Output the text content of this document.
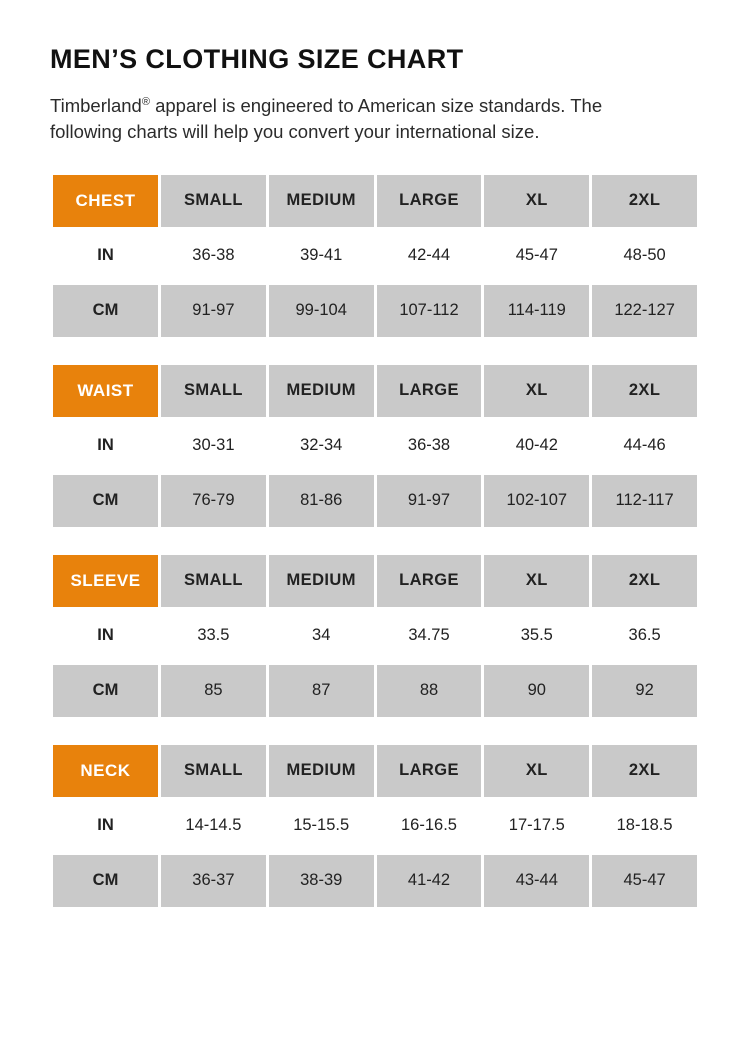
MEN’S CLOTHING SIZE CHART

Timberland® apparel is engineered to American size standards. The following charts will help you convert your international size.

CHEST	SMALL	MEDIUM	LARGE	XL	2XL
IN	36-38	39-41	42-44	45-47	48-50
CM	91-97	99-104	107-112	114-119	122-127
WAIST	SMALL	MEDIUM	LARGE	XL	2XL
IN	30-31	32-34	36-38	40-42	44-46
CM	76-79	81-86	91-97	102-107	112-117
SLEEVE	SMALL	MEDIUM	LARGE	XL	2XL
IN	33.5	34	34.75	35.5	36.5
CM	85	87	88	90	92
NECK	SMALL	MEDIUM	LARGE	XL	2XL
IN	14-14.5	15-15.5	16-16.5	17-17.5	18-18.5
CM	36-37	38-39	41-42	43-44	45-47
